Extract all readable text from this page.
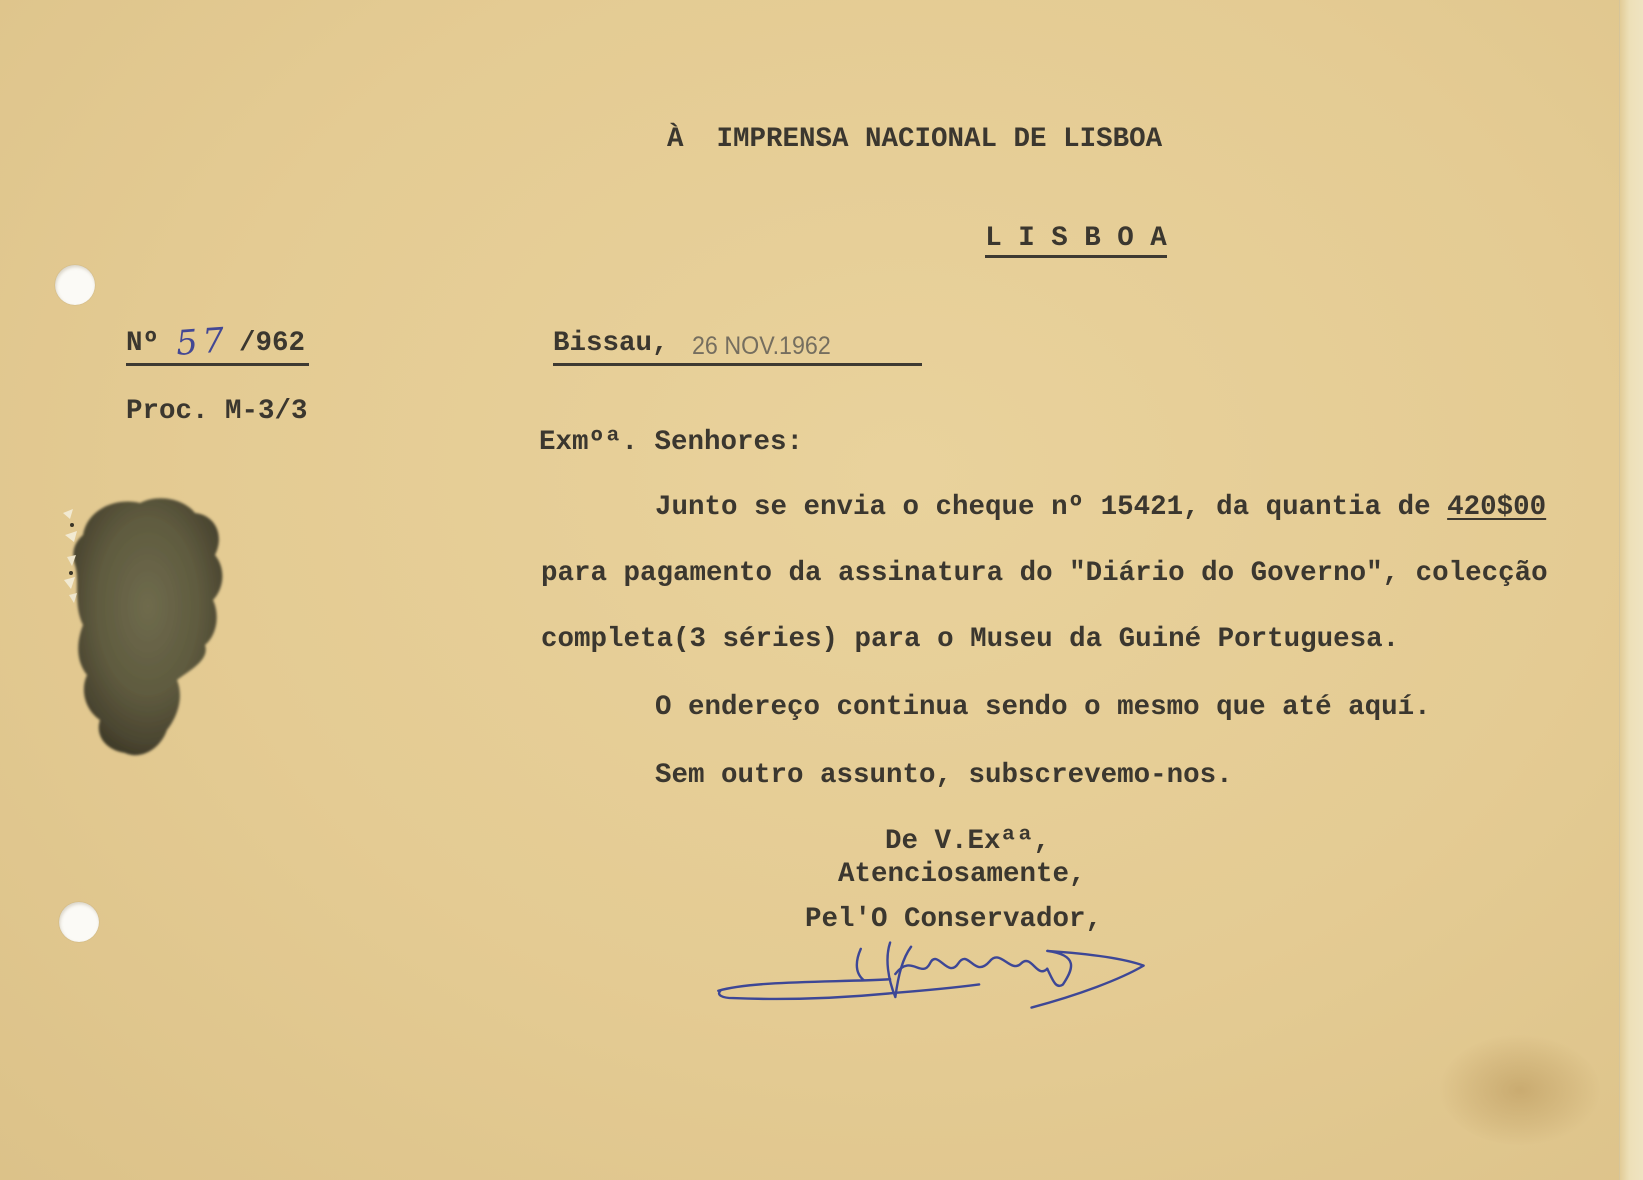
À  IMPRENSA NACIONAL DE LISBOA
L I S B O A
Nº 57 /962
Proc. M-3/3
Bissau, 26 NOV.1962
Exmºª. Senhores:
Junto se envia o cheque nº 15421, da quantia de 420$00
para pagamento da assinatura do "Diário do Governo", colecção
completa(3 séries) para o Museu da Guiné Portuguesa.
O endereço continua sendo o mesmo que até aquí.
Sem outro assunto, subscrevemo-nos.
De V.Exªª,
Atenciosamente,
Pel'O Conservador,
